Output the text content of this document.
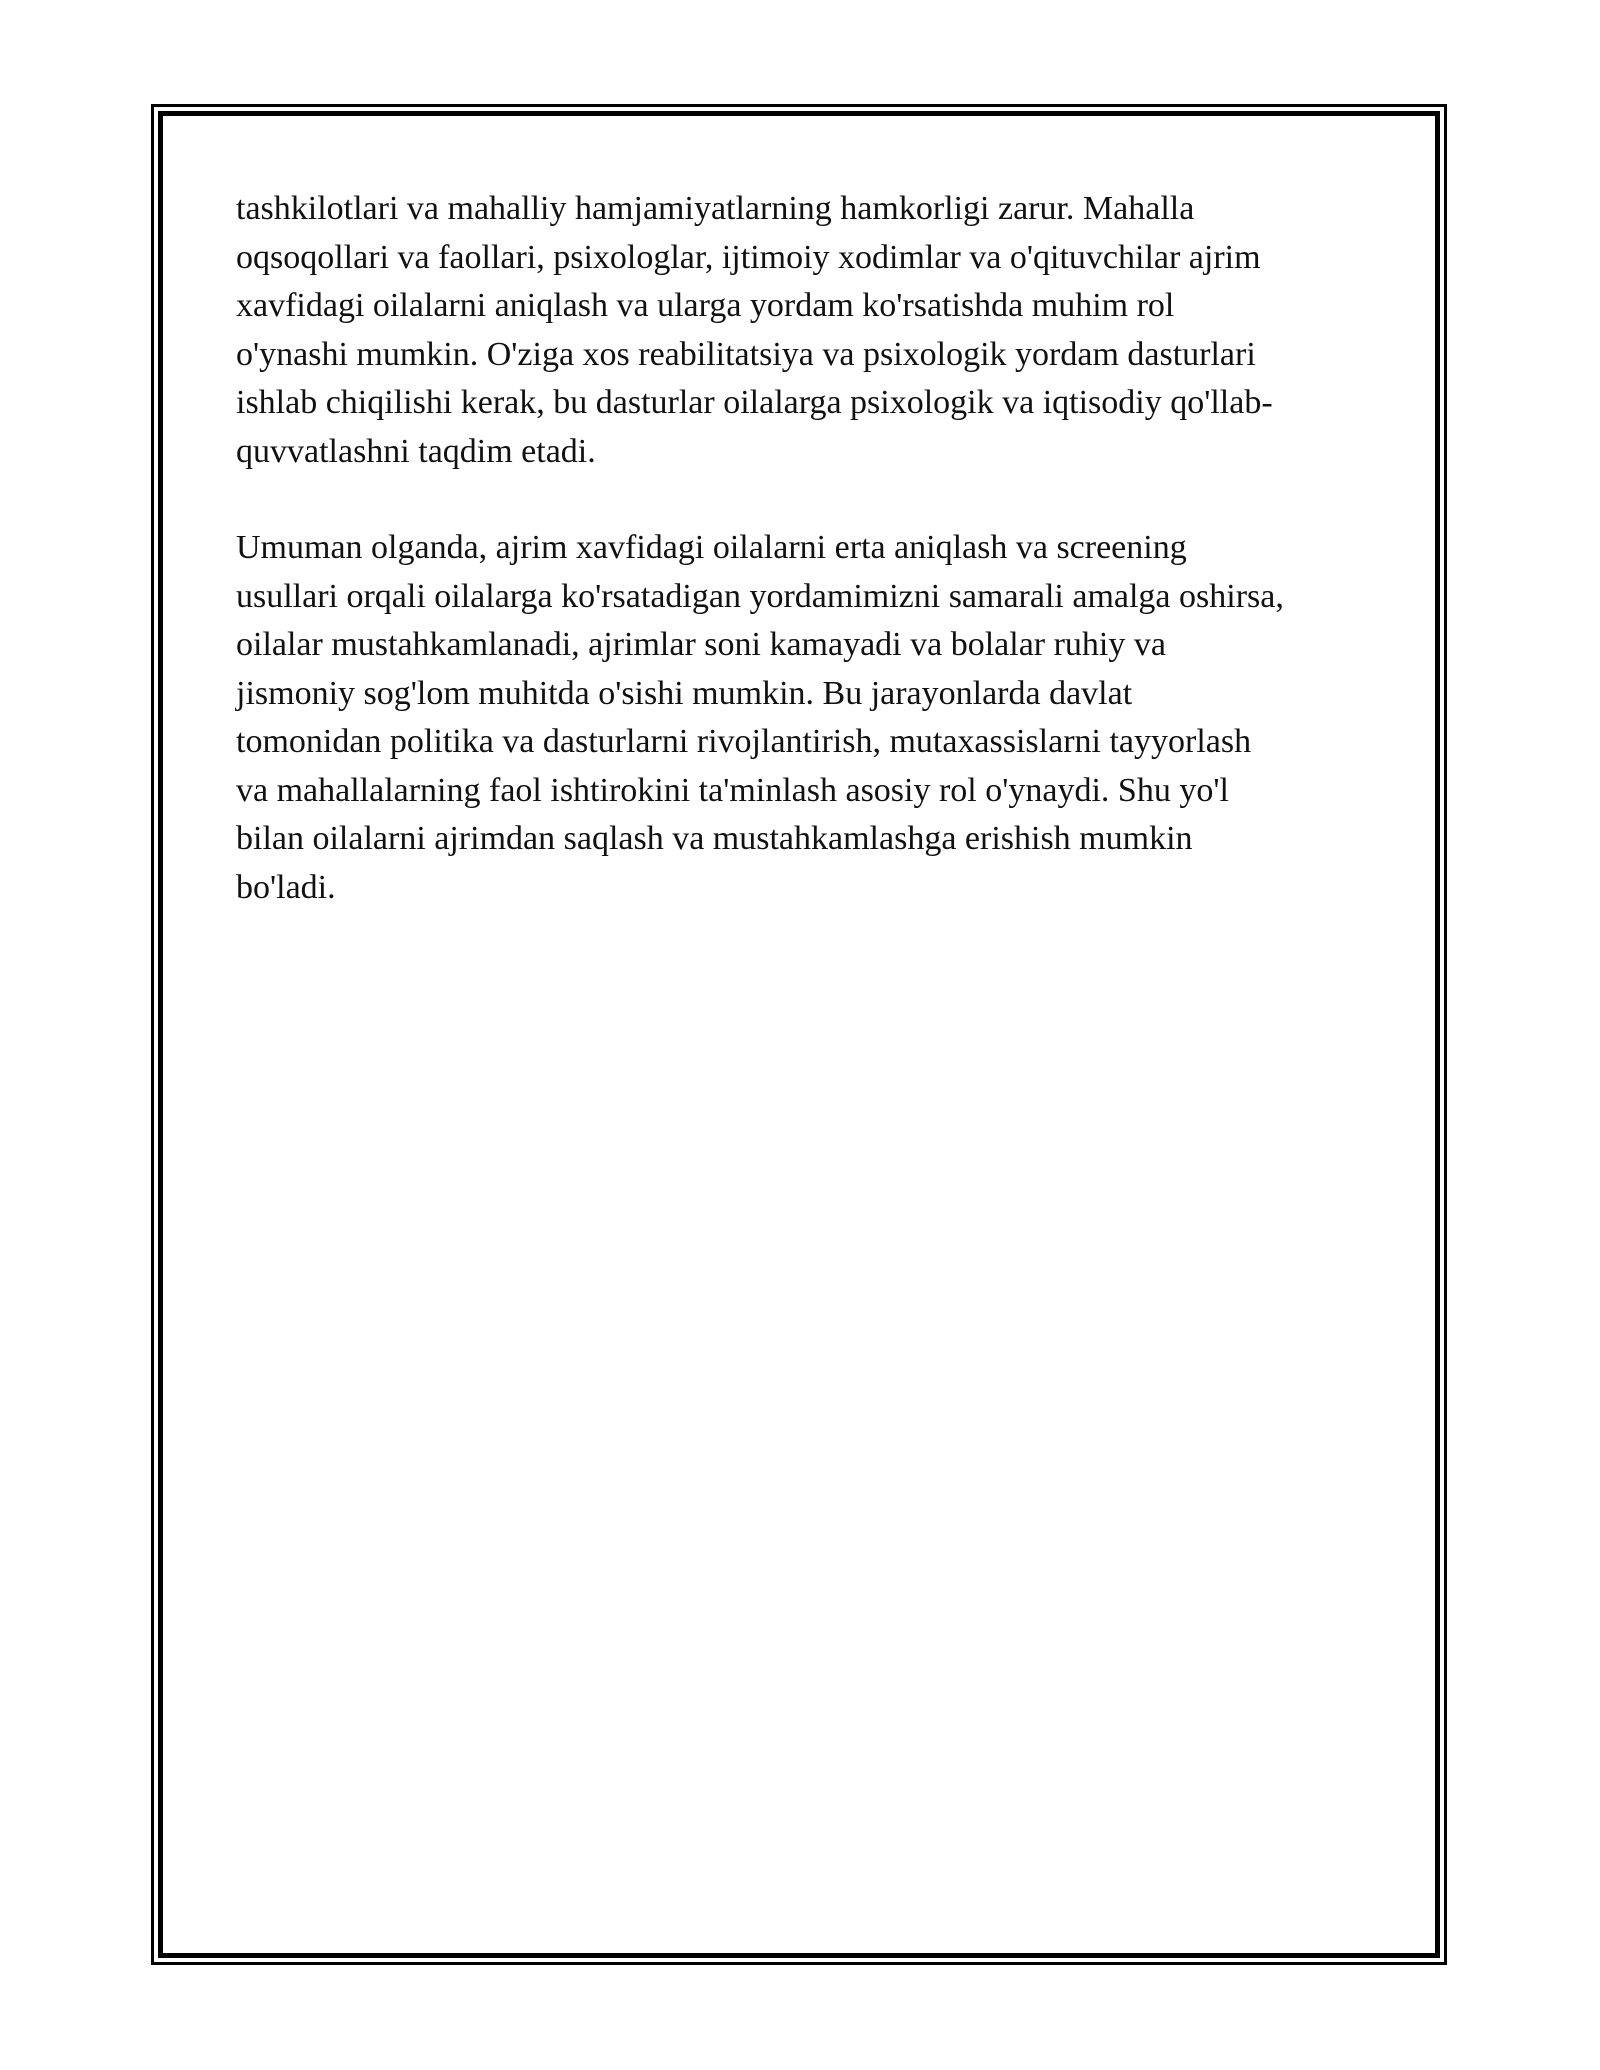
tashkilotlari va mahalliy hamjamiyatlarning hamkorligi zarur. Mahalla
oqsoqollari va faollari, psixologlar, ijtimoiy xodimlar va o'qituvchilar ajrim
xavfidagi oilalarni aniqlash va ularga yordam ko'rsatishda muhim rol
o'ynashi mumkin. O'ziga xos reabilitatsiya va psixologik yordam dasturlari
ishlab chiqilishi kerak, bu dasturlar oilalarga psixologik va iqtisodiy qo'llab-
quvvatlashni taqdim etadi.

Umuman olganda, ajrim xavfidagi oilalarni erta aniqlash va screening
usullari orqali oilalarga ko'rsatadigan yordamimizni samarali amalga oshirsa,
oilalar mustahkamlanadi, ajrimlar soni kamayadi va bolalar ruhiy va
jismoniy sog'lom muhitda o'sishi mumkin. Bu jarayonlarda davlat
tomonidan politika va dasturlarni rivojlantirish, mutaxassislarni tayyorlash
va mahallalarning faol ishtirokini ta'minlash asosiy rol o'ynaydi. Shu yo'l
bilan oilalarni ajrimdan saqlash va mustahkamlashga erishish mumkin
bo'ladi.
